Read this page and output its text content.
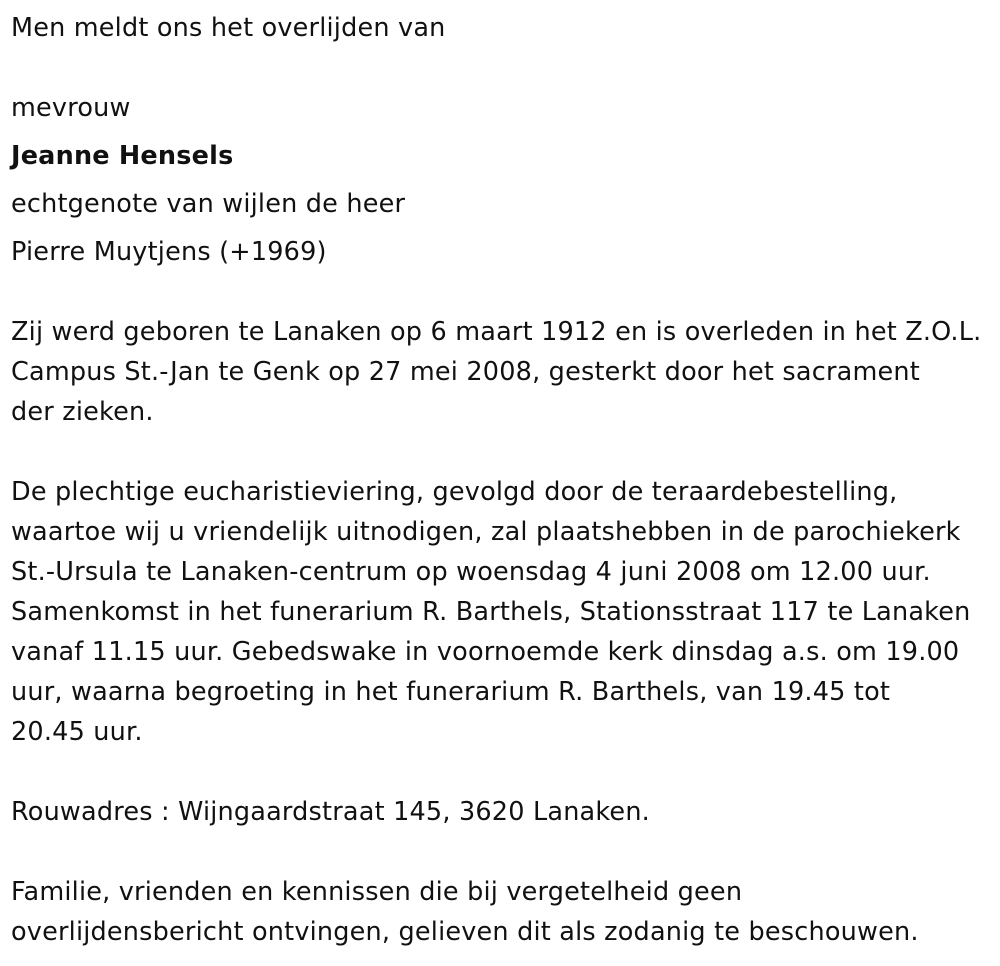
Men meldt ons het overlijden van

mevrouw

Jeanne Hensels

echtgenote van wijlen de heer

Pierre Muytjens (+1969)

Zij werd geboren te Lanaken op 6 maart 1912 en is overleden in het Z.O.L.

Campus St.-Jan te Genk op 27 mei 2008, gesterkt door het sacrament

der zieken.

De plechtige eucharistieviering, gevolgd door de teraardebestelling,

waartoe wij u vriendelijk uitnodigen, zal plaatshebben in de parochiekerk

St.-Ursula te Lanaken-centrum op woensdag 4 juni 2008 om 12.00 uur.

Samenkomst in het funerarium R. Barthels, Stationsstraat 117 te Lanaken

vanaf 11.15 uur. Gebedswake in voornoemde kerk dinsdag a.s. om 19.00

uur, waarna begroeting in het funerarium R. Barthels, van 19.45 tot

20.45 uur.

Rouwadres : Wijngaardstraat 145, 3620 Lanaken.

Familie, vrienden en kennissen die bij vergetelheid geen

overlijdensbericht ontvingen, gelieven dit als zodanig te beschouwen.
